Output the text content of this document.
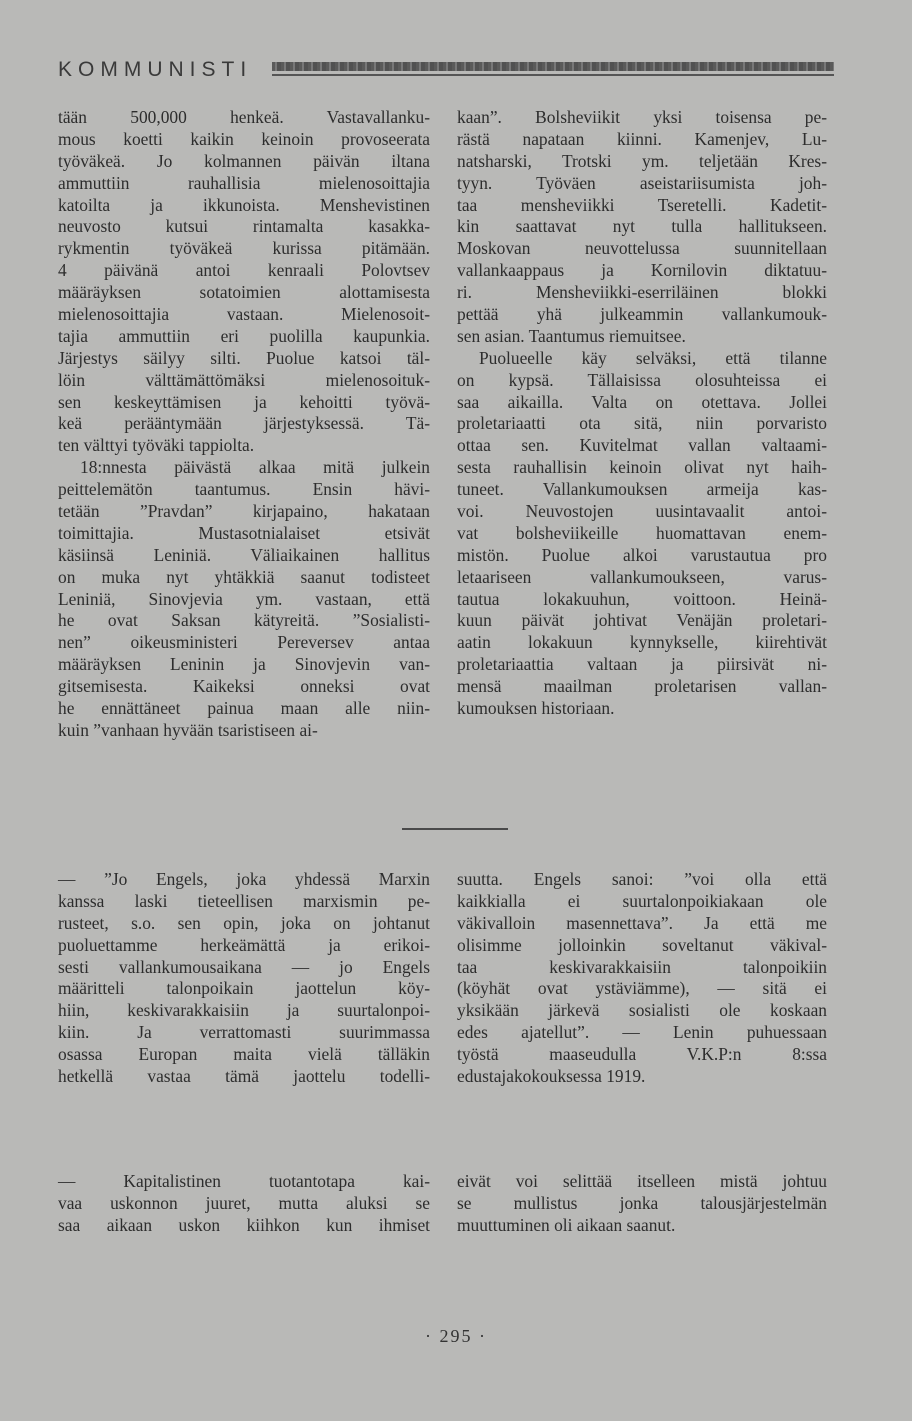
KOMMUNISTI
tään 500,000 henkeä. Vastavallanku-
mous koetti kaikin keinoin provoseerata
työväkeä. Jo kolmannen päivän iltana
ammuttiin rauhallisia mielenosoittajia
katoilta ja ikkunoista. Menshevistinen
neuvosto kutsui rintamalta kasakka-
rykmentin työväkeä kurissa pitämään.
4 päivänä antoi kenraali Polovtsev
määräyksen sotatoimien alottamisesta
mielenosoittajia vastaan. Mielenosoit-
tajia ammuttiin eri puolilla kaupunkia.
Järjestys säilyy silti. Puolue katsoi täl-
löin välttämättömäksi mielenosoituk-
sen keskeyttämisen ja kehoitti työvä-
keä perääntymään järjestyksessä. Tä-
ten välttyi työväki tappiolta.
18:nnesta päivästä alkaa mitä julkein
peittelemätön taantumus. Ensin hävi-
tetään ”Pravdan” kirjapaino, hakataan
toimittajia. Mustasotnialaiset etsivät
käsiinsä Leniniä. Väliaikainen hallitus
on muka nyt yhtäkkiä saanut todisteet
Leniniä, Sinovjevia ym. vastaan, että
he ovat Saksan kätyreitä. ”Sosialisti-
nen” oikeusministeri Pereversev antaa
määräyksen Leninin ja Sinovjevin van-
gitsemisesta. Kaikeksi onneksi ovat
he ennättäneet painua maan alle niin-
kuin ”vanhaan hyvään tsaristiseen ai-
kaan”. Bolsheviikit yksi toisensa pe-
rästä napataan kiinni. Kamenjev, Lu-
natsharski, Trotski ym. teljetään Kres-
tyyn. Työväen aseistariisumista joh-
taa mensheviikki Tseretelli. Kadetit-
kin saattavat nyt tulla hallitukseen.
Moskovan neuvottelussa suunnitellaan
vallankaappaus ja Kornilovin diktatuu-
ri. Mensheviikki-eserriläinen blokki
pettää yhä julkeammin vallankumouk-
sen asian. Taantumus riemuitsee.
Puolueelle käy selväksi, että tilanne
on kypsä. Tällaisissa olosuhteissa ei
saa aikailla. Valta on otettava. Jollei
proletariaatti ota sitä, niin porvaristo
ottaa sen. Kuvitelmat vallan valtaami-
sesta rauhallisin keinoin olivat nyt haih-
tuneet. Vallankumouksen armeija kas-
voi. Neuvostojen uusintavaalit antoi-
vat bolsheviikeille huomattavan enem-
mistön. Puolue alkoi varustautua pro
letaariseen vallankumoukseen, varus-
tautua lokakuuhun, voittoon. Heinä-
kuun päivät johtivat Venäjän proletari-
aatin lokakuun kynnykselle, kiirehtivät
proletariaattia valtaan ja piirsivät ni-
mensä maailman proletarisen vallan-
kumouksen historiaan.
— ”Jo Engels, joka yhdessä Marxin
kanssa laski tieteellisen marxismin pe-
rusteet, s.o. sen opin, joka on johtanut
puoluettamme herkeämättä ja erikoi-
sesti vallankumousaikana — jo Engels
määritteli talonpoikain jaottelun köy-
hiin, keskivarakkaisiin ja suurtalonpoi-
kiin. Ja verrattomasti suurimmassa
osassa Europan maita vielä tälläkin
hetkellä vastaa tämä jaottelu todelli-
suutta. Engels sanoi: ”voi olla että
kaikkialla ei suurtalonpoikiakaan ole
väkivalloin masennettava”. Ja että me
olisimme jolloinkin soveltanut väkival-
taa keskivarakkaisiin talonpoikiin
(köyhät ovat ystäviämme), — sitä ei
yksikään järkevä sosialisti ole koskaan
edes ajatellut”. — Lenin puhuessaan
työstä maaseudulla V.K.P:n 8:ssa
edustajakokouksessa 1919.
— Kapitalistinen tuotantotapa kai-
vaa uskonnon juuret, mutta aluksi se
saa aikaan uskon kiihkon kun ihmiset
eivät voi selittää itselleen mistä johtuu
se mullistus jonka talousjärjestelmän
muuttuminen oli aikaan saanut.
· 295 ·
